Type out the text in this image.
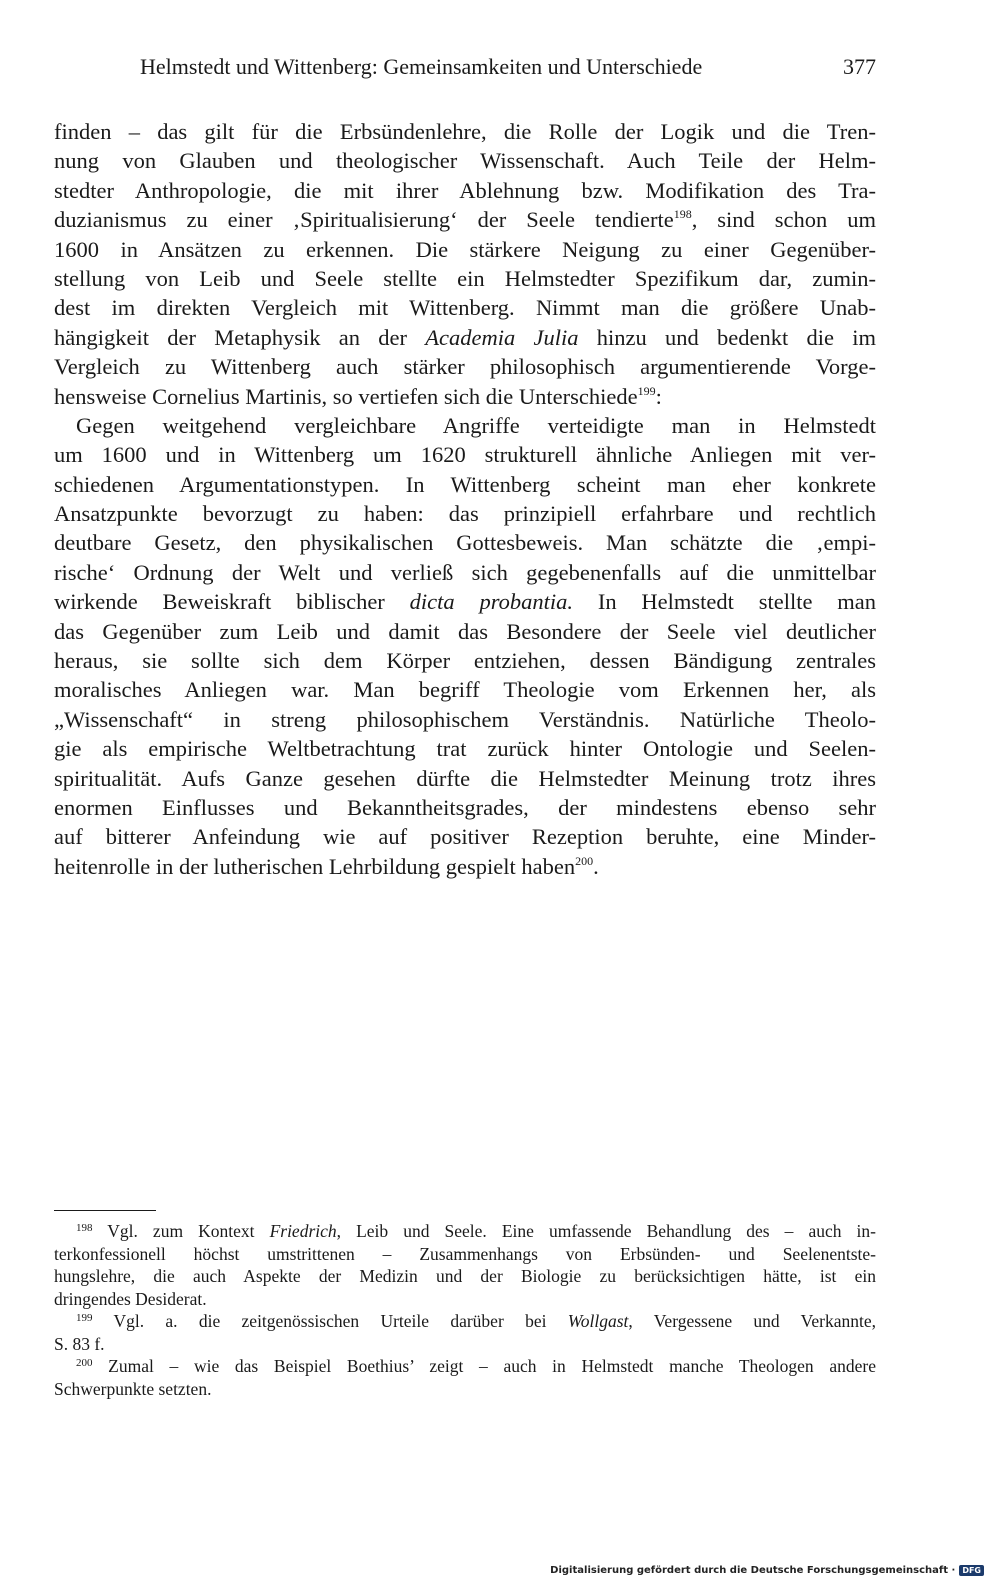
Helmstedt und Wittenberg: Gemeinsamkeiten und Unterschiede	377
finden – das gilt für die Erbsündenlehre, die Rolle der Logik und die Tren-
nung von Glauben und theologischer Wissenschaft. Auch Teile der Helm-
stedter Anthropologie, die mit ihrer Ablehnung bzw. Modifikation des Tra-
duzianismus zu einer ‚Spiritualisierung‘ der Seele tendierte$^{198}$, sind schon um
1600 in Ansätzen zu erkennen. Die stärkere Neigung zu einer Gegenüber-
stellung von Leib und Seele stellte ein Helmstedter Spezifikum dar, zumin-
dest im direkten Vergleich mit Wittenberg. Nimmt man die größere Unab-
hängigkeit der Metaphysik an der Academia Julia hinzu und bedenkt die im
Vergleich zu Wittenberg auch stärker philosophisch argumentierende Vorge-
hensweise Cornelius Martinis, so vertiefen sich die Unterschiede$^{199}$:
Gegen weitgehend vergleichbare Angriffe verteidigte man in Helmstedt
um 1600 und in Wittenberg um 1620 strukturell ähnliche Anliegen mit ver-
schiedenen Argumentationstypen. In Wittenberg scheint man eher konkrete
Ansatzpunkte bevorzugt zu haben: das prinzipiell erfahrbare und rechtlich
deutbare Gesetz, den physikalischen Gottesbeweis. Man schätzte die ‚empi-
rische‘ Ordnung der Welt und verließ sich gegebenenfalls auf die unmittelbar
wirkende Beweiskraft biblischer dicta probantia. In Helmstedt stellte man
das Gegenüber zum Leib und damit das Besondere der Seele viel deutlicher
heraus, sie sollte sich dem Körper entziehen, dessen Bändigung zentrales
moralisches Anliegen war. Man begriff Theologie vom Erkennen her, als
„Wissenschaft“ in streng philosophischem Verständnis. Natürliche Theolo-
gie als empirische Weltbetrachtung trat zurück hinter Ontologie und Seelen-
spiritualität. Aufs Ganze gesehen dürfte die Helmstedter Meinung trotz ihres
enormen Einflusses und Bekanntheitsgrades, der mindestens ebenso sehr
auf bitterer Anfeindung wie auf positiver Rezeption beruhte, eine Minder-
heitenrolle in der lutherischen Lehrbildung gespielt haben$^{200}$.
$^{198}$ Vgl. zum Kontext Friedrich, Leib und Seele. Eine umfassende Behandlung des – auch in-
terkonfessionell höchst umstrittenen – Zusammenhangs von Erbsünden- und Seelenentste-
hungslehre, die auch Aspekte der Medizin und der Biologie zu berücksichtigen hätte, ist ein
dringendes Desiderat.
$^{199}$ Vgl. a. die zeitgenössischen Urteile darüber bei Wollgast, Vergessene und Verkannte,
S. 83 f.
$^{200}$ Zumal – wie das Beispiel Boethius’ zeigt – auch in Helmstedt manche Theologen andere
Schwerpunkte setzten.
Digitalisierung gefördert durch die Deutsche Forschungsgemeinschaft · DFG
